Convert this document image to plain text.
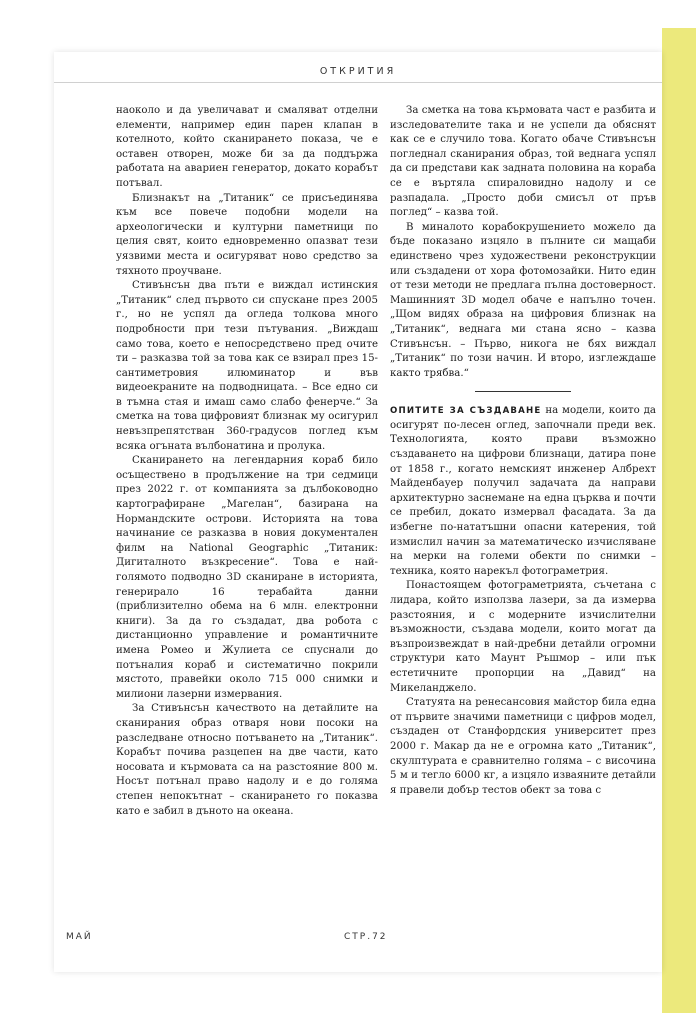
ОТКРИТИЯ

наоколо и да увеличават и смаляват отделни елементи, например един парен клапан в котелното, който сканирането показа, че е оставен отворен, може би за да поддържа работата на авариен генератор, докато корабът потъвал.

Близнакът на „Титаник“ се присъединява към все повече подобни модели на археологически и културни паметници по целия свят, които едновременно опазват тези уязвими места и осигуряват ново средство за тяхното проучване.

Стивънсън два пъти е виждал истинския „Титаник“ след първото си спускане през 2005 г., но не успял да огледа толкова много подробности при тези пътувания. „Виждаш само това, което е непосредствено пред очите ти – разказва той за това как се взирал през 15-сантиметровия илюминатор и във видеоекраните на подводницата. – Все едно си в тъмна стая и имаш само слабо фенерче.“ За сметка на това цифровият близнак му осигурил невъзпрепятстван 360-градусов поглед към всяка огъната вълбонатина и пролука.

Сканирането на легендарния кораб било осъществено в продължение на три седмици през 2022 г. от компанията за дълбоководно картографиране „Магелан“, базирана на Нормандските острови. Историята на това начинание се разказва в новия документален филм на National Geographic „Титаник: Дигиталното възкресение“. Това е най-голямото подводно 3D сканиране в историята, генерирало 16 терабайта данни (приблизително обема на 6 млн. електронни книги). За да го създадат, два робота с дистанционно управление и романтичните имена Ромео и Жулиета се спуснали до потъналия кораб и систематично покрили мястото, правейки около 715 000 снимки и милиони лазерни измервания.

За Стивънсън качеството на детайлите на сканирания образ отваря нови посоки на разследване относно потъването на „Титаник“. Корабът почива разцепен на две части, като носовата и кърмовата са на разстояние 800 м. Носът потънал право надолу и е до голяма степен непокътнат – сканирането го показва като е забил в дъното на океана.

За сметка на това кърмовата част е разбита и изследователите така и не успели да обяснят как се е случило това. Когато обаче Стивънсън погледнал сканирания образ, той веднага успял да си представи как задната половина на кораба се е въртяла спираловидно надолу и се разпадала. „Просто доби смисъл от пръв поглед“ – казва той.

В миналото корабокрушението можело да бъде показано изцяло в пълните си мащаби единствено чрез художествени реконструкции или създадени от хора фотомозайки. Нито един от тези методи не предлага пълна достоверност. Машинният 3D модел обаче е напълно точен. „Щом видях образа на цифровия близнак на „Титаник“, веднага ми стана ясно – казва Стивънсън. – Първо, никога не бях виждал „Титаник“ по този начин. И второ, изглеждаше както трябва.“

ОПИТИТЕ ЗА СЪЗДАВАНЕ на модели, които да осигурят по-лесен оглед, започнали преди век. Технологията, която прави възможно създаването на цифрови близнаци, датира поне от 1858 г., когато немският инженер Албрехт Майденбауер получил задачата да направи архитектурно заснемане на една църква и почти се пребил, докато измервал фасадата. За да избегне по-нататъшни опасни катерения, той измислил начин за математическо изчисляване на мерки на големи обекти по снимки – техника, която нарекъл фотограметрия.

Понастоящем фотограметрията, съчетана с лидара, който използва лазери, за да измерва разстояния, и с модерните изчислителни възможности, създава модели, които могат да възпроизвеждат в най-дребни детайли огромни структури като Маунт Ръшмор – или пък естетичните пропорции на „Давид“ на Микеланджело.

Статуята на ренесансовия майстор била една от първите значими паметници с цифров модел, създаден от Станфордския университет през 2000 г. Макар да не е огромна като „Титаник“, скулптурата е сравнително голяма – с височина 5 м и тегло 6000 кг, а изцяло изваяните детайли я правели добър тестов обект за това с

МАЙ	СТР.72
